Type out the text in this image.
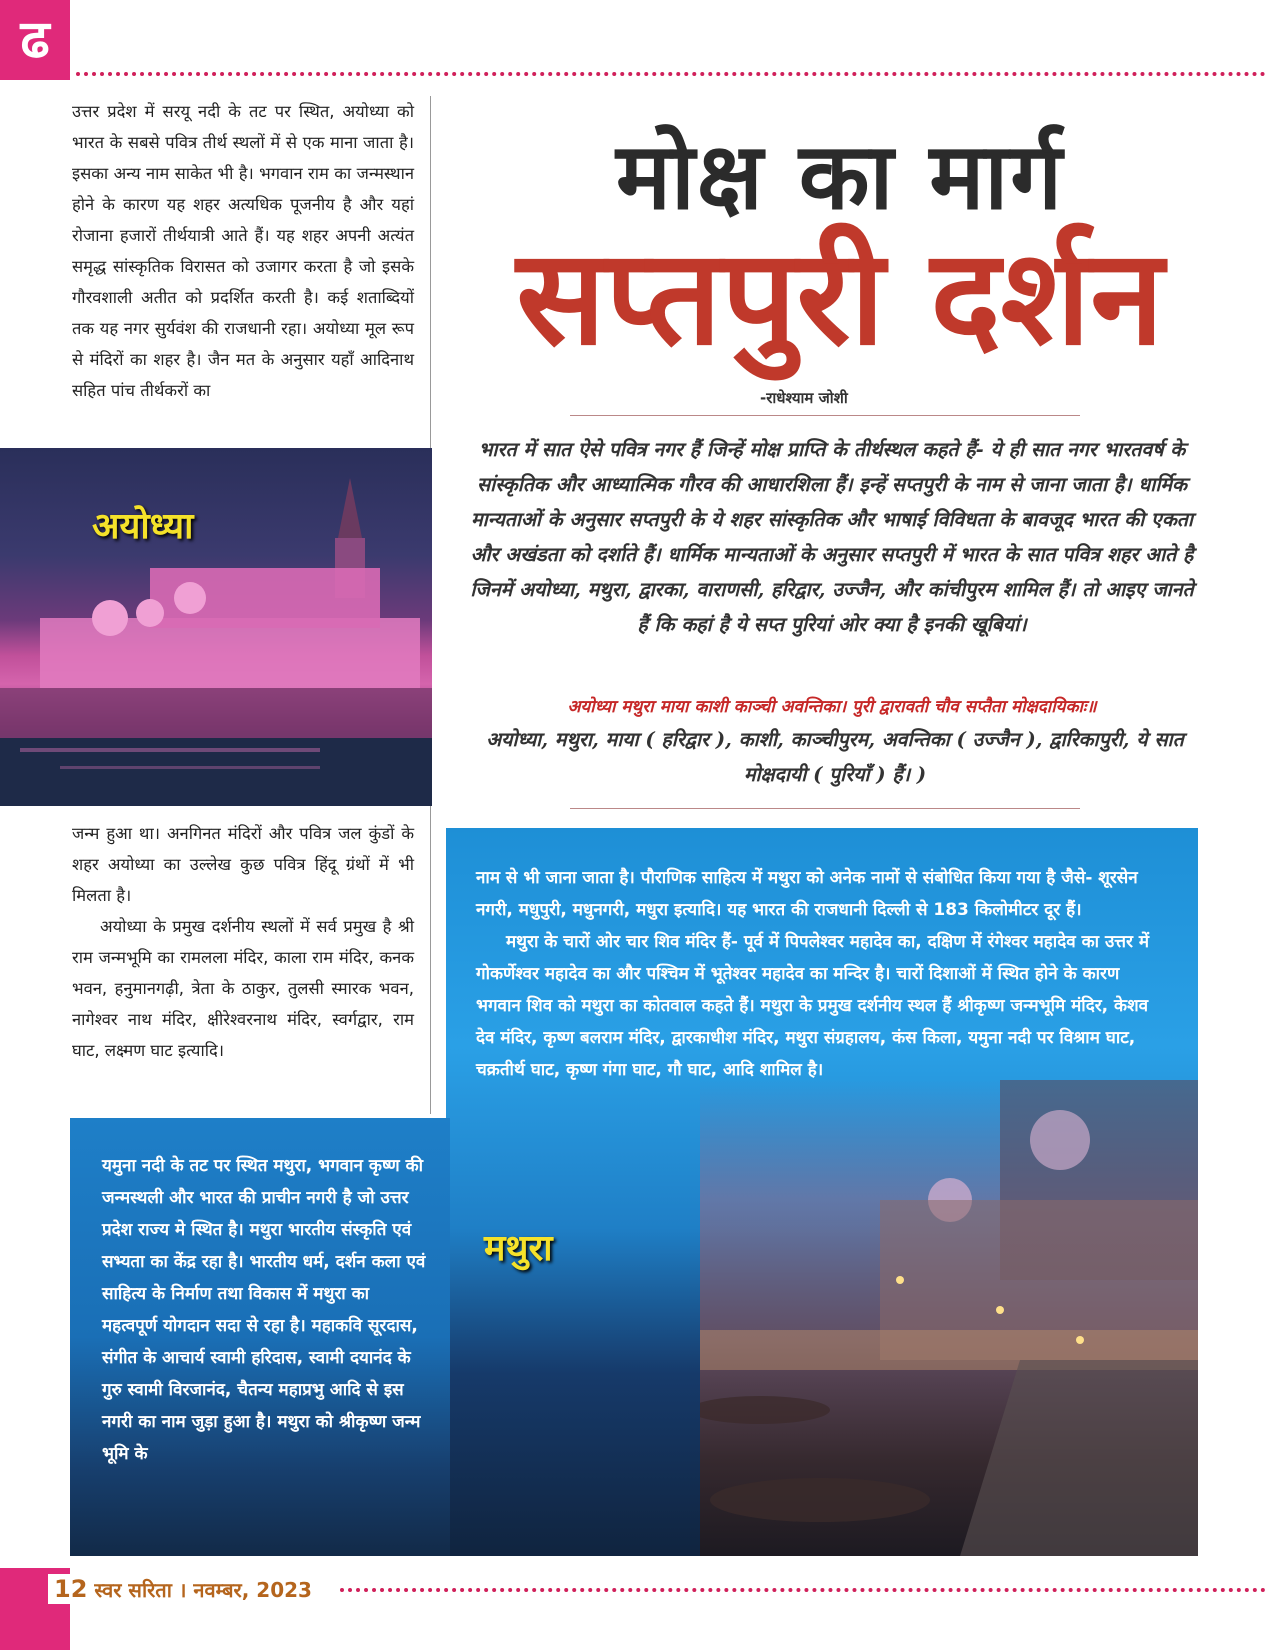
ढ
उत्तर प्रदेश में सरयू नदी के तट पर स्थित, अयोध्या को भारत के सबसे पवित्र तीर्थ स्थलों में से एक माना जाता है। इसका अन्य नाम साकेत भी है। भगवान राम का जन्मस्थान होने के कारण यह शहर अत्यधिक पूजनीय है और यहां रोजाना हजारों तीर्थयात्री आते हैं। यह शहर अपनी अत्यंत समृद्ध सांस्कृतिक विरासत को उजागर करता है जो इसके गौरवशाली अतीत को प्रदर्शित करती है। कई शताब्दियों तक यह नगर सुर्यवंश की राजधानी रहा। अयोध्या मूल रूप से मंदिरों का शहर है। जैन मत के अनुसार यहाँ आदिनाथ सहित पांच तीर्थकरों का
अयोध्या

जन्म हुआ था। अनगिनत मंदिरों और पवित्र जल कुंडों के शहर अयोध्या का उल्लेख कुछ पवित्र हिंदू ग्रंथों में भी मिलता है।

अयोध्या के प्रमुख दर्शनीय स्थलों में सर्व प्रमुख है श्री राम जन्मभूमि का रामलला मंदिर, काला राम मंदिर, कनक भवन, हनुमानगढ़ी, त्रेता के ठाकुर, तुलसी स्मारक भवन, नागेश्वर नाथ मंदिर, क्षीरेश्वरनाथ मंदिर, स्वर्गद्वार, राम घाट, लक्ष्मण घाट इत्यादि।

मोक्ष का मार्ग
सप्तपुरी दर्शन
-राधेश्याम जोशी
भारत में सात ऐसे पवित्र नगर हैं जिन्हें मोक्ष प्राप्ति के तीर्थस्थल कहते हैं- ये ही सात नगर भारतवर्ष के सांस्कृतिक और आध्यात्मिक गौरव की आधारशिला हैं। इन्हें सप्तपुरी के नाम से जाना जाता है। धार्मिक मान्यताओं के अनुसार सप्तपुरी के ये शहर सांस्कृतिक और भाषाई विविधता के बावजूद भारत की एकता और अखंडता को दर्शाते हैं। धार्मिक मान्यताओं के अनुसार सप्तपुरी में भारत के सात पवित्र शहर आते है जिनमें अयोध्या, मथुरा, द्वारका, वाराणसी, हरिद्वार, उज्जैन, और कांचीपुरम शामिल हैं। तो आइए जानते हैं कि कहां है ये सप्त पुरियां ओर क्या है इनकी खूबियां।
अयोध्या मथुरा माया काशी काञ्ची अवन्तिका। पुरी द्वारावती चौव सप्तैता मोक्षदायिकाः॥
अयोध्या, मथुरा, माया ( हरिद्वार ), काशी, काञ्चीपुरम, अवन्तिका ( उज्जैन ), द्वारिकापुरी, ये सात मोक्षदायी ( पुरियाँ ) हैं। )

नाम से भी जाना जाता है। पौराणिक साहित्य में मथुरा को अनेक नामों से संबोधित किया गया है जैसे- शूरसेन नगरी, मधुपुरी, मधुनगरी, मधुरा इत्यादि। यह भारत की राजधानी दिल्ली से 183 किलोमीटर दूर हैं।

मथुरा के चारों ओर चार शिव मंदिर हैं- पूर्व में पिपलेश्वर महादेव का, दक्षिण में रंगेश्वर महादेव का उत्तर में गोकर्णेश्वर महादेव का और पश्चिम में भूतेश्वर महादेव का मन्दिर है। चारों दिशाओं में स्थित होने के कारण भगवान शिव को मथुरा का कोतवाल कहते हैं। मथुरा के प्रमुख दर्शनीय स्थल हैं श्रीकृष्ण जन्मभूमि मंदिर, केशव देव मंदिर, कृष्ण बलराम मंदिर, द्वारकाधीश मंदिर, मथुरा संग्रहालय, कंस किला, यमुना नदी पर विश्राम घाट, चक्रतीर्थ घाट, कृष्ण गंगा घाट, गौ घाट, आदि शामिल है।

यमुना नदी के तट पर स्थित मथुरा, भगवान कृष्ण की जन्मस्थली और भारत की प्राचीन नगरी है जो उत्तर प्रदेश राज्य मे स्थित है। मथुरा भारतीय संस्कृति एवं सभ्यता का केंद्र रहा है। भारतीय धर्म, दर्शन कला एवं साहित्य के निर्माण तथा विकास में मथुरा का महत्वपूर्ण योगदान सदा से रहा है। महाकवि सूरदास, संगीत के आचार्य स्वामी हरिदास, स्वामी दयानंद के गुरु स्वामी विरजानंद, चैतन्य महाप्रभु आदि से इस नगरी का नाम जुड़ा हुआ है। मथुरा को श्रीकृष्ण जन्म भूमि के
मथुरा
12 स्वर सरिता । नवम्बर, 2023
